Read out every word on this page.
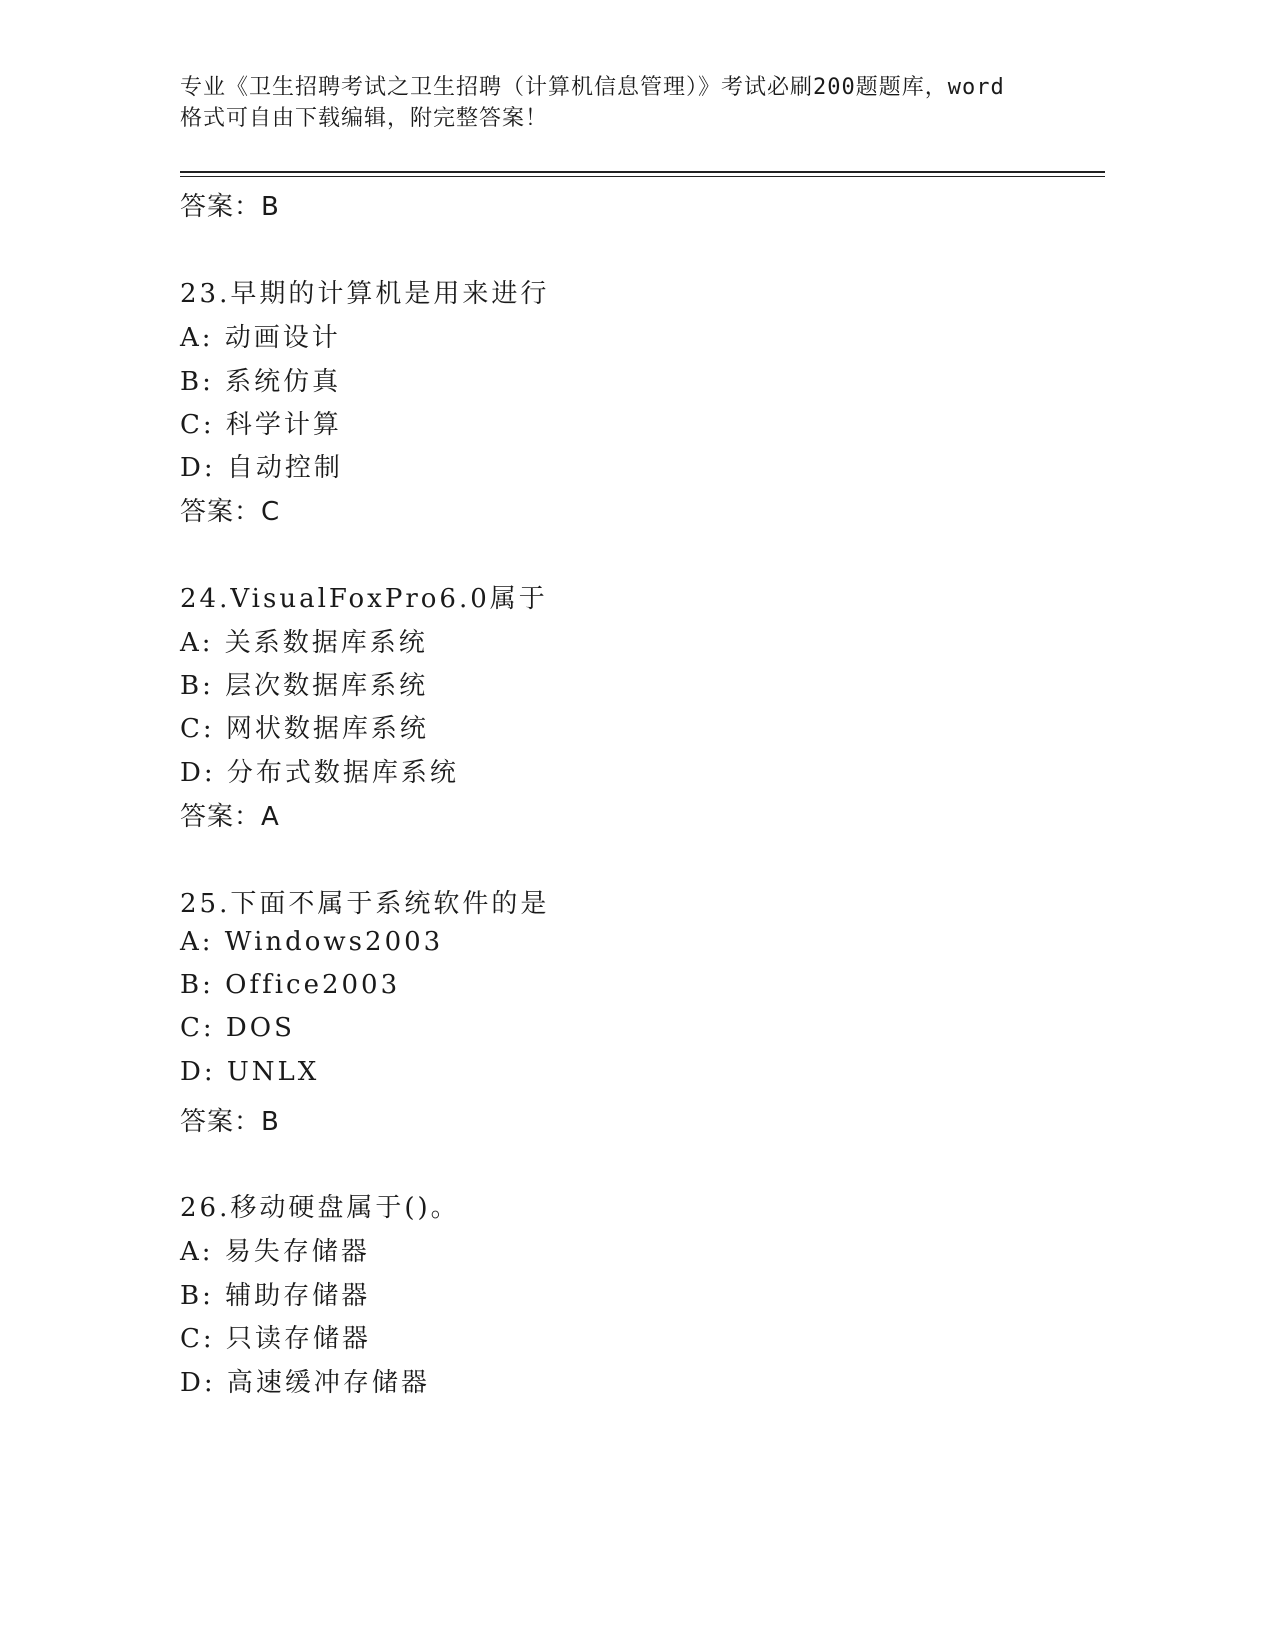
专业《卫生招聘考试之卫生招聘（计算机信息管理）》考试必刷200题题库，word
格式可自由下载编辑，附完整答案！
答案：B
23.早期的计算机是用来进行
A: 动画设计
B: 系统仿真
C: 科学计算
D: 自动控制
答案：C
24.VisualFoxPro6.0属于
A: 关系数据库系统
B: 层次数据库系统
C: 网状数据库系统
D: 分布式数据库系统
答案：A
25.下面不属于系统软件的是
A: Windows2003
B: Office2003
C: DOS
D: UNLX
答案：B
26.移动硬盘属于()。
A: 易失存储器
B: 辅助存储器
C: 只读存储器
D: 高速缓冲存储器
